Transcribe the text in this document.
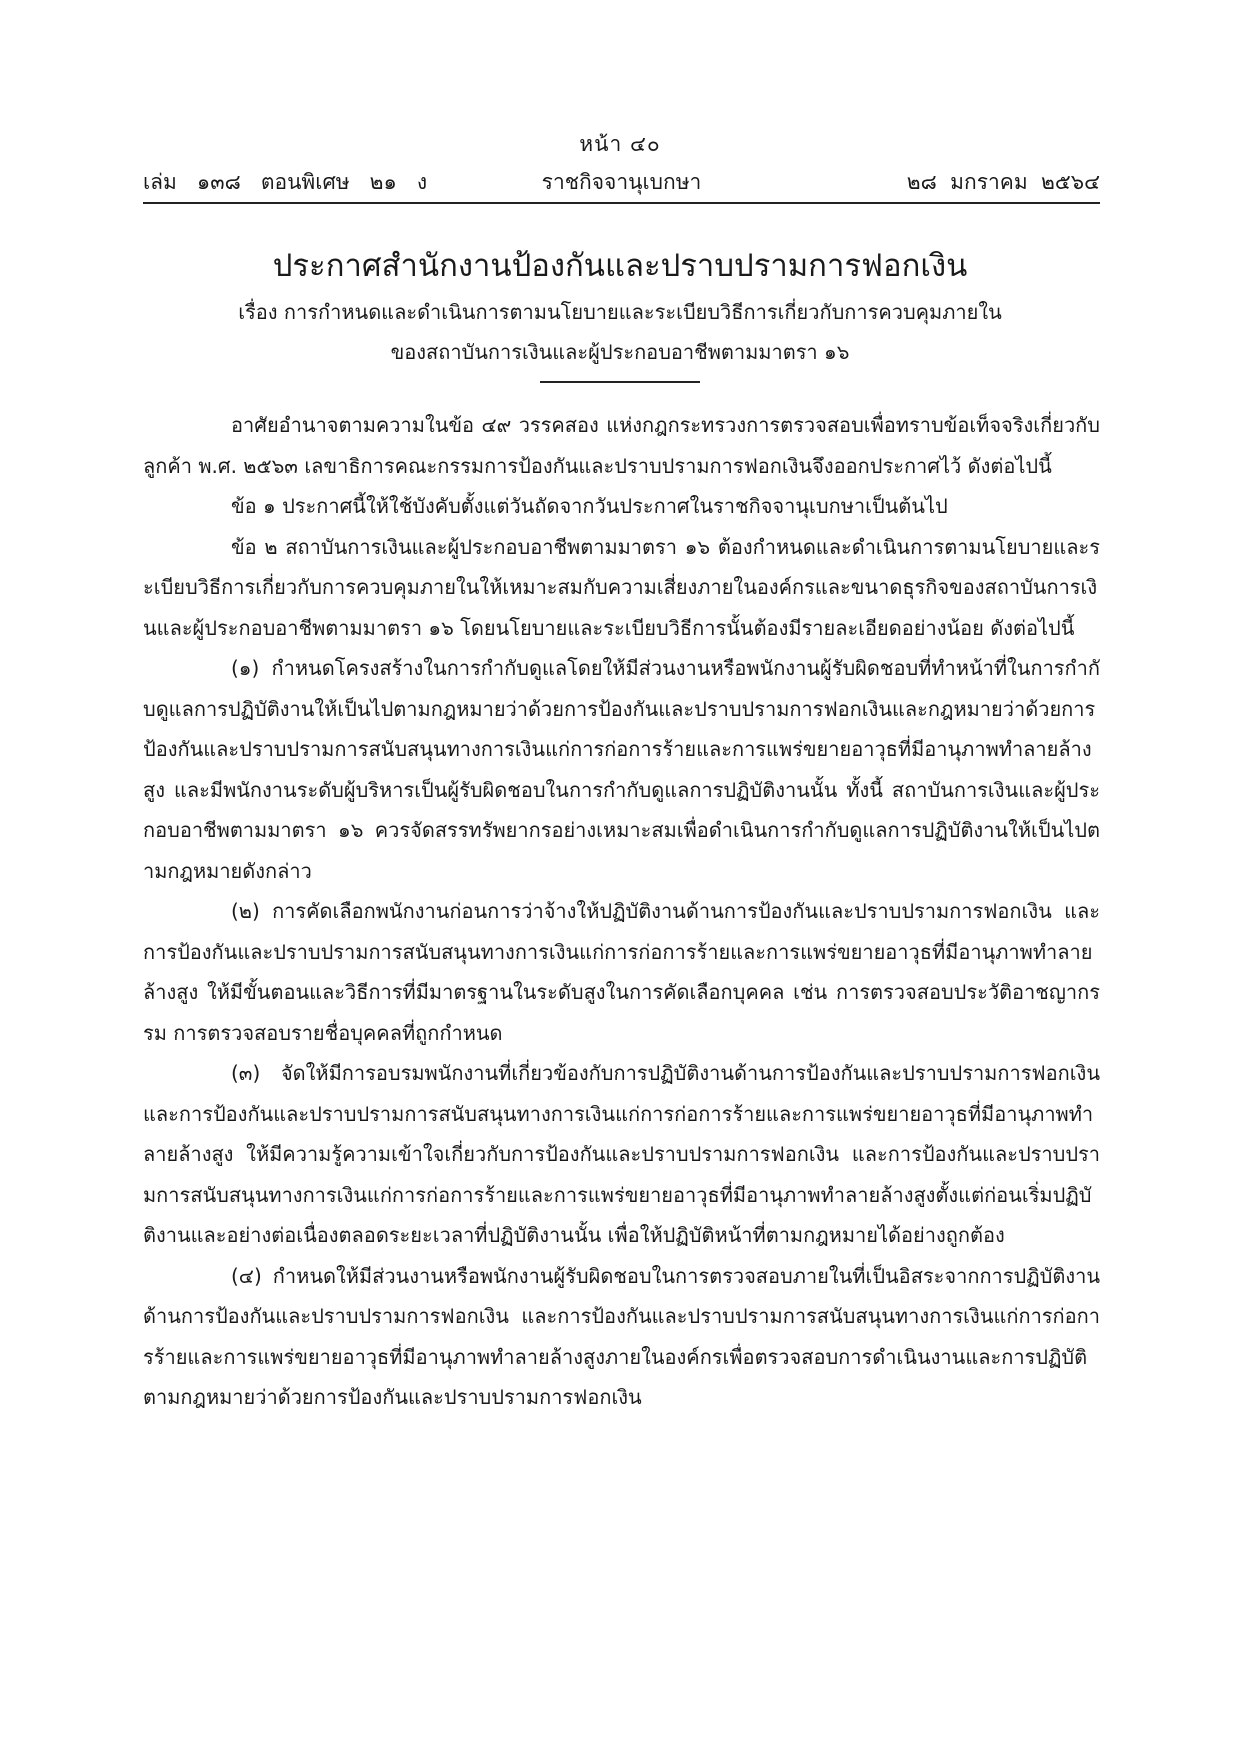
หน้า ๔๐
เล่ม   ๑๓๘   ตอนพิเศษ   ๒๑   ง	ราชกิจจานุเบกษา	๒๘  มกราคม  ๒๕๖๔
ประกาศสำนักงานป้องกันและปราบปรามการฟอกเงิน
เรื่อง การกำหนดและดำเนินการตามนโยบายและระเบียบวิธีการเกี่ยวกับการควบคุมภายใน
ของสถาบันการเงินและผู้ประกอบอาชีพตามมาตรา ๑๖

อาศัยอำนาจตามความในข้อ ๔๙ วรรคสอง แห่งกฎกระทรวงการตรวจสอบเพื่อทราบข้อเท็จจริงเกี่ยวกับลูกค้า พ.ศ. ๒๕๖๓ เลขาธิการคณะกรรมการป้องกันและปราบปรามการฟอกเงินจึงออกประกาศไว้ ดังต่อไปนี้

ข้อ ๑ ประกาศนี้ให้ใช้บังคับตั้งแต่วันถัดจากวันประกาศในราชกิจจานุเบกษาเป็นต้นไป

ข้อ ๒ สถาบันการเงินและผู้ประกอบอาชีพตามมาตรา ๑๖ ต้องกำหนดและดำเนินการตามนโยบายและระเบียบวิธีการเกี่ยวกับการควบคุมภายในให้เหมาะสมกับความเสี่ยงภายในองค์กรและขนาดธุรกิจของสถาบันการเงินและผู้ประกอบอาชีพตามมาตรา ๑๖ โดยนโยบายและระเบียบวิธีการนั้นต้องมีรายละเอียดอย่างน้อย ดังต่อไปนี้

(๑) กำหนดโครงสร้างในการกำกับดูแลโดยให้มีส่วนงานหรือพนักงานผู้รับผิดชอบที่ทำหน้าที่ในการกำกับดูแลการปฏิบัติงานให้เป็นไปตามกฎหมายว่าด้วยการป้องกันและปราบปรามการฟอกเงินและกฎหมายว่าด้วยการป้องกันและปราบปรามการสนับสนุนทางการเงินแก่การก่อการร้ายและการแพร่ขยายอาวุธที่มีอานุภาพทำลายล้างสูง และมีพนักงานระดับผู้บริหารเป็นผู้รับผิดชอบในการกำกับดูแลการปฏิบัติงานนั้น ทั้งนี้ สถาบันการเงินและผู้ประกอบอาชีพตามมาตรา ๑๖ ควรจัดสรรทรัพยากรอย่างเหมาะสมเพื่อดำเนินการกำกับดูแลการปฏิบัติงานให้เป็นไปตามกฎหมายดังกล่าว

(๒) การคัดเลือกพนักงานก่อนการว่าจ้างให้ปฏิบัติงานด้านการป้องกันและปราบปรามการฟอกเงิน และการป้องกันและปราบปรามการสนับสนุนทางการเงินแก่การก่อการร้ายและการแพร่ขยายอาวุธที่มีอานุภาพทำลายล้างสูง ให้มีขั้นตอนและวิธีการที่มีมาตรฐานในระดับสูงในการคัดเลือกบุคคล เช่น การตรวจสอบประวัติอาชญากรรม การตรวจสอบรายชื่อบุคคลที่ถูกกำหนด

(๓) จัดให้มีการอบรมพนักงานที่เกี่ยวข้องกับการปฏิบัติงานด้านการป้องกันและปราบปรามการฟอกเงิน และการป้องกันและปราบปรามการสนับสนุนทางการเงินแก่การก่อการร้ายและการแพร่ขยายอาวุธที่มีอานุภาพทำลายล้างสูง ให้มีความรู้ความเข้าใจเกี่ยวกับการป้องกันและปราบปรามการฟอกเงิน และการป้องกันและปราบปรามการสนับสนุนทางการเงินแก่การก่อการร้ายและการแพร่ขยายอาวุธที่มีอานุภาพทำลายล้างสูงตั้งแต่ก่อนเริ่มปฏิบัติงานและอย่างต่อเนื่องตลอดระยะเวลาที่ปฏิบัติงานนั้น เพื่อให้ปฏิบัติหน้าที่ตามกฎหมายได้อย่างถูกต้อง

(๔) กำหนดให้มีส่วนงานหรือพนักงานผู้รับผิดชอบในการตรวจสอบภายในที่เป็นอิสระจากการปฏิบัติงานด้านการป้องกันและปราบปรามการฟอกเงิน และการป้องกันและปราบปรามการสนับสนุนทางการเงินแก่การก่อการร้ายและการแพร่ขยายอาวุธที่มีอานุภาพทำลายล้างสูงภายในองค์กรเพื่อตรวจสอบการดำเนินงานและการปฏิบัติตามกฎหมายว่าด้วยการป้องกันและปราบปรามการฟอกเงิน
